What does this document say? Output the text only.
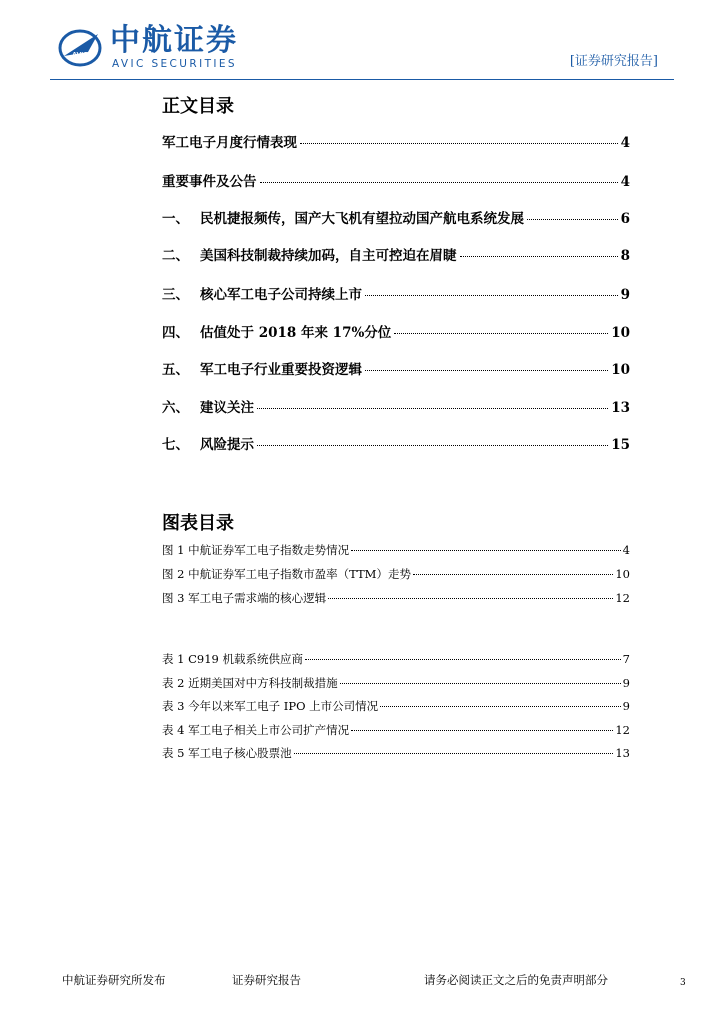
AVIC 中航证券
AVIC SECURITIES	[证券研究报告]
正文目录
军工电子月度行情表现	4
重要事件及公告	4
一、 民机捷报频传，国产大飞机有望拉动国产航电系统发展	6
二、 美国科技制裁持续加码，自主可控迫在眉睫	8
三、 核心军工电子公司持续上市	9
四、 估值处于 2018 年来 17%分位	10
五、 军工电子行业重要投资逻辑	10
六、 建议关注	13
七、 风险提示	15
图表目录
图 1 中航证券军工电子指数走势情况	4
图 2 中航证券军工电子指数市盈率（TTM）走势	10
图 3 军工电子需求端的核心逻辑	12
表 1 C919 机载系统供应商	7
表 2 近期美国对中方科技制裁措施	9
表 3 今年以来军工电子 IPO 上市公司情况	9
表 4 军工电子相关上市公司扩产情况	12
表 5 军工电子核心股票池	13
中航证券研究所发布	证券研究报告	请务必阅读正文之后的免责声明部分	3
